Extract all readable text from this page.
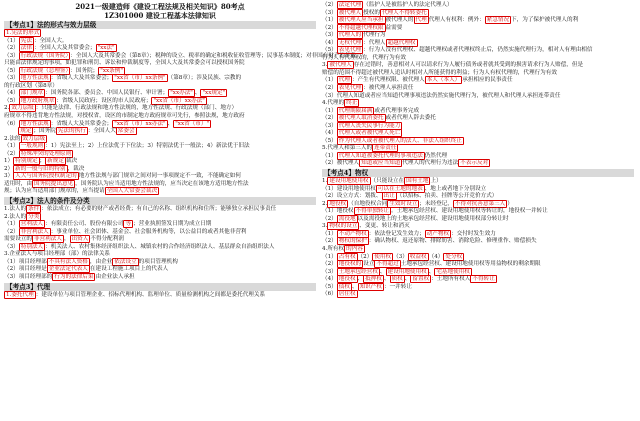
2021一级建造师《建设工程法规及相关知识》80考点
1Z301000 建设工程基本法律知识
【考点1】法的形式与效力层级
1.宪法的形式
（1） 宪法 ：全国人大。
（2） 法律 ：全国人大及其常委会； "xx法"
（3） 行政法规（国务院） ：全国人大及其常委会（第8章）；税种的设立、税率的确定和税收征收管理等；民事基本制度；对非国有财产的征收
只能由法律规定的事项，如犯罪和刑罚、诉讼和仲裁制度等，全国人大及其常委会可以授权国务院
（5） 行政法规（总理签） ：国务院； "xx条例"
（3） 地方性法规 ：省级人大及其常委会； "xx省（市）xx条例" （第8章）；涉及民族、宗教的
的行政区划（第8章）
（4） 部门规章 ：国务院各部、委员会、中国人民银行、审计署； "xx办法" 、 "xx规定"
（5） 地方政府规章 ：省级人民政府；设区的市人民政府； "xx省（市）xx办法"
2. 效力层级 ：只能是法律、行政法规和地方性法规的，地方性法规、行政法规（部门、地方）
府规章不得违背地方性法规，对授权省，设区的市制定地方政府规章可先行，参照法规，地方政府
（6） 地方性法规 ：省级人大及其常委会； "xx省（市）xx办法" 、 "xx省（市）"
规定 ；国务院 宪法的执行 ：全国人大 常委会
2.法的 效力层级
（1） 一般规则 ：1）宪法至上；2）上位法优于下位法；3）特别法优于一般法；4）新法优于旧法
（2） 特殊冲突的处理原则
1） 特别规定 ； 新规定 裁决
2） 新的一般与旧的特别 ，裁决
3） 人大与国务院授权制定的 地方性法规与部门规章之间对同一事项规定不一致，不能确定如何
适用时，由 国务院提出意见 ，国务院认为应当适用地方性法规的，应当决定在该地方适用地方性法
规；认为应当适用部门规章的，应当提请 全国人大常委会裁决
【考点2】法人的条件及分类
1.法人的 条件 ：依法成立；有必要的财产或者经费；有自己的名称、组织机构和住所；能够独立承担民事责任
2.法人的 分类
（1） 营利法人 ：有限责任公司、股份有限公司 等 ；营业执照签发日期为成立日期
（2） 非营利法人 ：事业单位、社会团体、基金会、社会服务机构等，以公益目的或者其他非营利
需要设立的 非营利法人 ， 出资人 不得分配利润
（3） 特别法人 ：机关法人、农村集体经济组织法人、城镇农村的合作经济组织法人、基层群众自治组织法人
3.企业法人与项目经理部（部）的法律关系
（1）项目经理部 不具有法人资格 ，由企业 依法设立 的项目管理机构
（2）项目经理是 企业法定代表人 在建设工程施工项目上的代表人
（3）项目经理部的 行为的法律后果 由企业法人承担
【考点3】代理
1.委托代理 ：建设单位与项目管理企业、招标代理机构、监理单位、质量检测机构之间都是委托代理关系
（2） 法定代理 （监护人是被监护人的法定代理人）
（3） 被代理人 授权的 代理人不得转委托
（1） 被代理人应当承担 被代理人的 代理 代理人有权利：例外： 紧急情况 下，为了保护被代理人的利
（2） 不得超越代理权限 益需要
（3） 代理人的 代理行为
（4） 无权代理 ：代理人 超越代理权
（5） 表见代理 ：行为人没有代理权、超越代理权或者代理权终止后，仍然实施代理行为，相对人有理由相信
行为人有代理权的，代理行为有效
3. 被代理人 存在过错时，善意相对人可以请求行为人履行债务或者就其受到的损害请求行为人赔偿，但是
赔偿的范围不得超过被代理人追认时相对人所能获得的利益；行为人有权代理的，代理行为有效
（1） 代理 ：产生有代理权限、被代理人 本人（本人） 承担相应的民事责任
（2） 表见代理 ：被代理人承担责任
（3）代理人知道或者应当知道代理事项违法仍然实施代理行为，被代理人和代理人承担连带责任
4.代理的 终止
（1） 代理期限届满 或者代理事务完成
（2） 被代理人取消委托 或者代理人辞去委托
（3） 代理人丧失民事行为能力
（4） 代理人或者被代理人死亡
（5） 作为代理人或者被代理人的法人、非法人组织终止
5.代理人和第三人的 连带责任
（1） 代理人知道被委托代理的事项违法 仍然代理
（2）被代理人 知道或应当知道 代理人的代理行为违法 不表示反对
【考点4】物权
1. 建设用地使用权 （只能设立在 国有土地 上）
（1）建设用地使用权 可以在土地的地表 、地上或者地下分别设立
（2）设立方式：划拨、 出让 （以招标、拍卖、挂牌等公开竞价方式）
2. 地役权 （自地役权合同 生效时设立 ；未经登记， 不得对抗善意第三人 ）
（1）地役权 不得单独转让 。土地承包经营权、建设用地使用权等转让的，地役权一并转让
（2） 需役地 以及需役地上的土地承包经营权、建设用地使用权部分转让时
3. 物权的设立 、变更、转让和消灭
（1） 不动产物权 ：依法登记发生效力； 动产物权 ：交付时发生效力
（2） 物权的保护 ：确认物权、返还原物、排除妨害、消除危险、修理重作、赔偿损失
4.所有权 的内容
（1） 占有权 （2） 使用权 （3） 收益权 （4） 处分权
（2） 地役权的 设立 不得超过 土地承包经营权、建设用地使用权等用益物权的剩余期限
（3） 土地承包经营权 、 建设用地使用权 、 宅基地使用权
（4） 地役权 、 抵押权 、 质权 、 留置权 ：土地所有权人 不得转让
（5） 债权 、 知识产权 ：一并转让
（6） 居住权
